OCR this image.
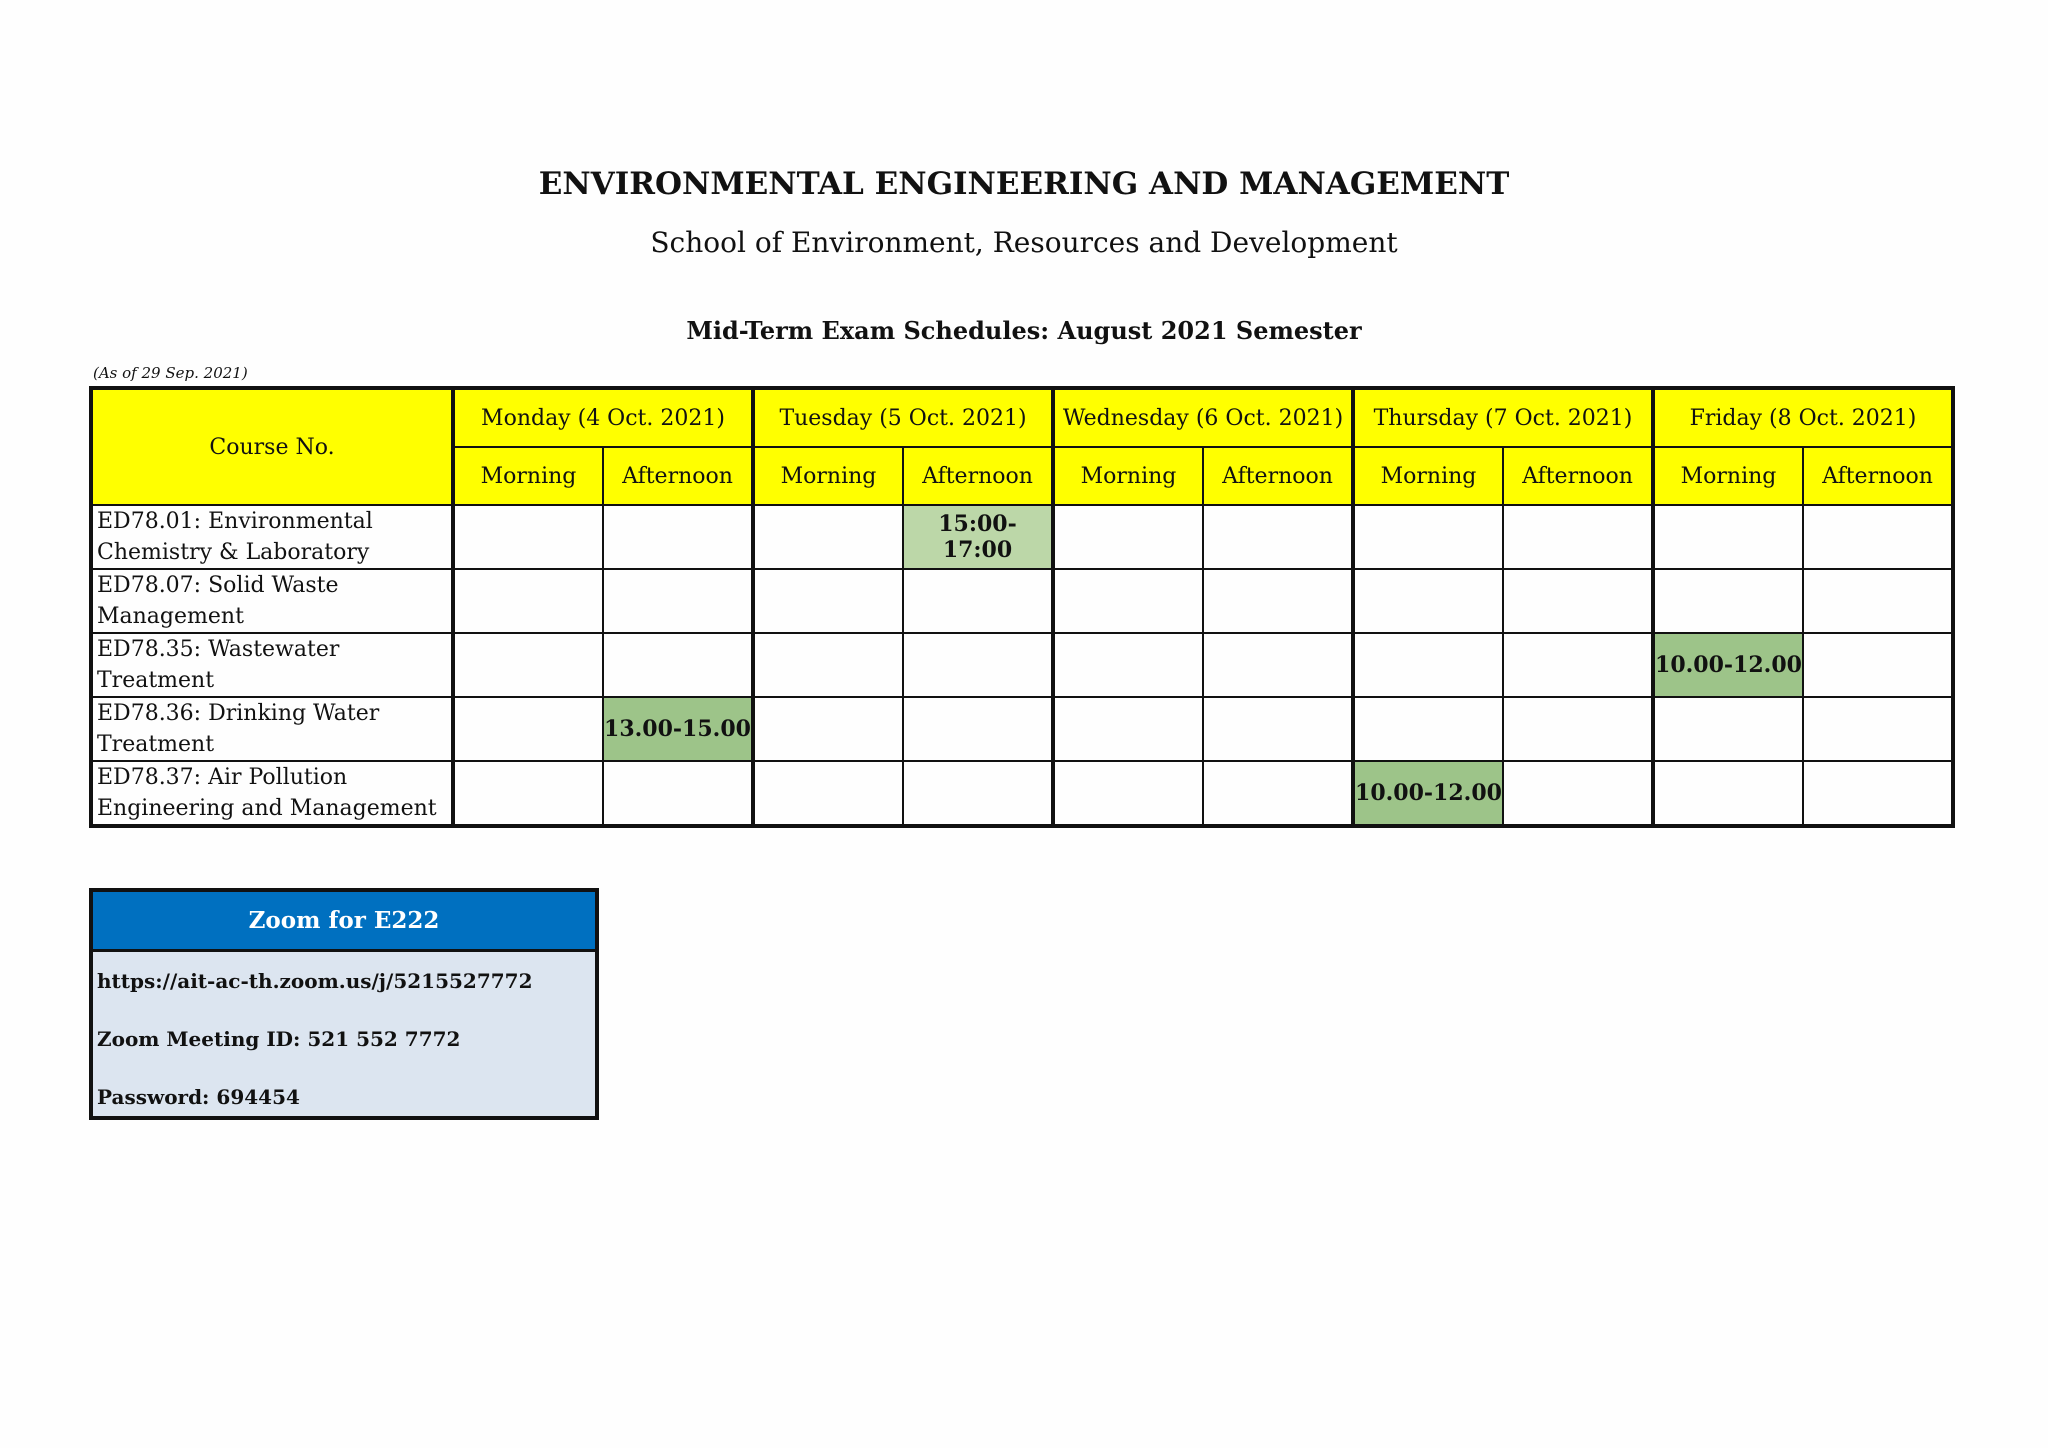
ENVIRONMENTAL ENGINEERING AND MANAGEMENT
School of Environment, Resources and Development
Mid-Term Exam Schedules: August 2021 Semester
(As of 29 Sep. 2021)
Course No.	Monday (4 Oct. 2021)		Tuesday (5 Oct. 2021)		Wednesday (6 Oct. 2021)		Thursday (7 Oct. 2021)		Friday (8 Oct. 2021)	
	Morning	Afternoon	Morning	Afternoon	Morning	Afternoon	Morning	Afternoon	Morning	Afternoon

ED78.01: Environmental
Chemistry & Laboratory				15:00-17:00						

ED78.07: Solid Waste
Management										

ED78.35: Wastewater Treatment									10.00-12.00	

ED78.36: Drinking Water
Treatment		13.00-15.00								

ED78.37: Air Pollution
Engineering and Management							10.00-12.00			
Zoom for E222
https://ait-ac-th.zoom.us/j/5215527772
Zoom Meeting ID: 521 552 7772
Password: 694454
